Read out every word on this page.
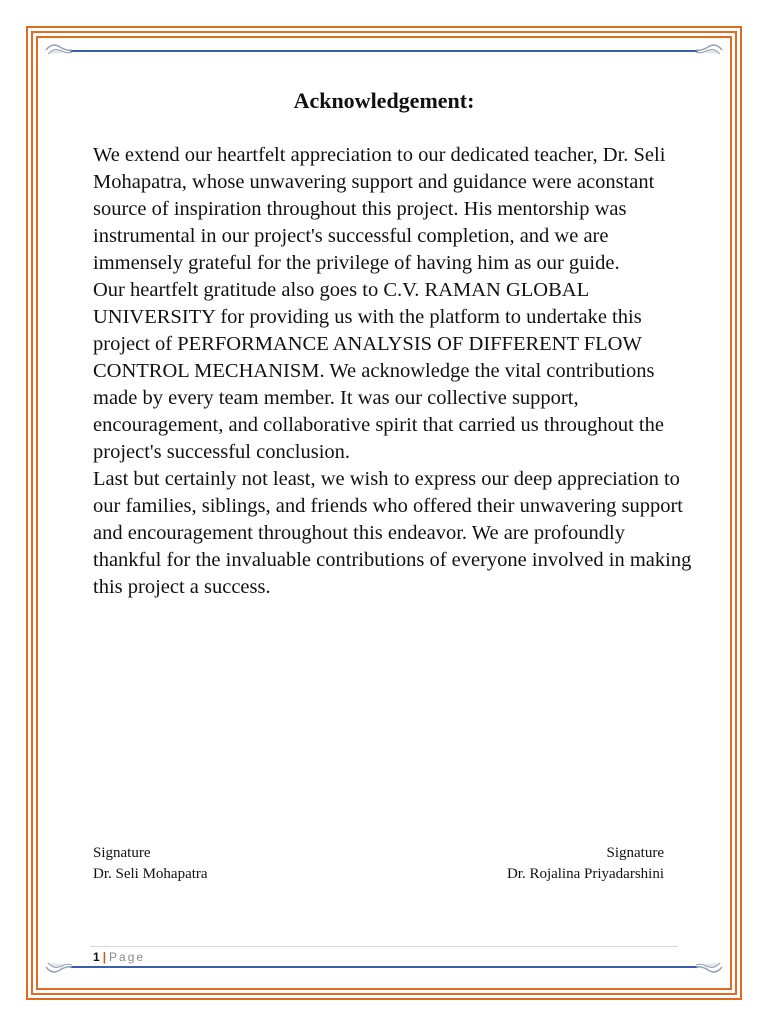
Acknowledgement:

We extend our heartfelt appreciation to our dedicated teacher, Dr. Seli Mohapatra, whose unwavering support and guidance were aconstant source of inspiration throughout this project. His mentorship was instrumental in our project's successful completion, and we are immensely grateful for the privilege of having him as our guide.

Our heartfelt gratitude also goes to C.V. RAMAN GLOBAL UNIVERSITY for providing us with the platform to undertake this project of PERFORMANCE ANALYSIS OF DIFFERENT FLOW CONTROL MECHANISM. We acknowledge the vital contributions made by every team member. It was our collective support, encouragement, and collaborative spirit that carried us throughout the project's successful conclusion.

Last but certainly not least, we wish to express our deep appreciation to our families, siblings, and friends who offered their unwavering support and encouragement throughout this endeavor. We are profoundly thankful for the invaluable contributions of everyone involved in making this project a success.

Signature
Dr. Seli Mohapatra
Signature
Dr. Rojalina Priyadarshini
1 | Page
